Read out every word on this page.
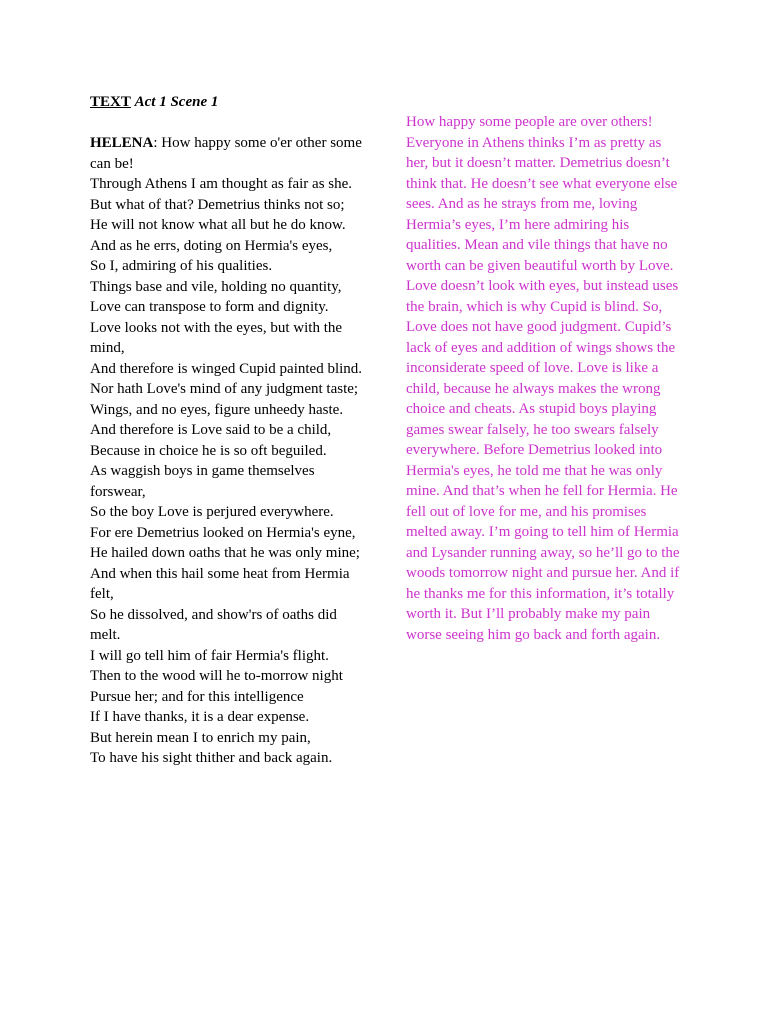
TEXT Act 1 Scene 1
HELENA: How happy some o'er other some can be!
Through Athens I am thought as fair as she.
But what of that? Demetrius thinks not so;
He will not know what all but he do know.
And as he errs, doting on Hermia's eyes,
So I, admiring of his qualities.
Things base and vile, holding no quantity,
Love can transpose to form and dignity.
Love looks not with the eyes, but with the mind,
And therefore is winged Cupid painted blind.
Nor hath Love's mind of any judgment taste;
Wings, and no eyes, figure unheedy haste.
And therefore is Love said to be a child,
Because in choice he is so oft beguiled.
As waggish boys in game themselves forswear,
So the boy Love is perjured everywhere.
For ere Demetrius looked on Hermia's eyne,
He hailed down oaths that he was only mine;
And when this hail some heat from Hermia felt,
So he dissolved, and show'rs of oaths did melt.
I will go tell him of fair Hermia's flight.
Then to the wood will he to-morrow night
Pursue her; and for this intelligence
If I have thanks, it is a dear expense.
But herein mean I to enrich my pain,
To have his sight thither and back again.

How happy some people are over others! Everyone in Athens thinks I’m as pretty as her, but it doesn’t matter. Demetrius doesn’t think that. He doesn’t see what everyone else sees. And as he strays from me, loving Hermia’s eyes, I’m here admiring his qualities. Mean and vile things that have no worth can be given beautiful worth by Love. Love doesn’t look with eyes, but instead uses the brain, which is why Cupid is blind. So, Love does not have good judgment. Cupid’s lack of eyes and addition of wings shows the inconsiderate speed of love. Love is like a child, because he always makes the wrong choice and cheats. As stupid boys playing games swear falsely, he too swears falsely everywhere. Before Demetrius looked into Hermia's eyes, he told me that he was only mine. And that’s when he fell for Hermia. He fell out of love for me, and his promises melted away. I’m going to tell him of Hermia and Lysander running away, so he’ll go to the woods tomorrow night and pursue her. And if he thanks me for this information, it’s totally worth it. But I’ll probably make my pain worse seeing him go back and forth again.
